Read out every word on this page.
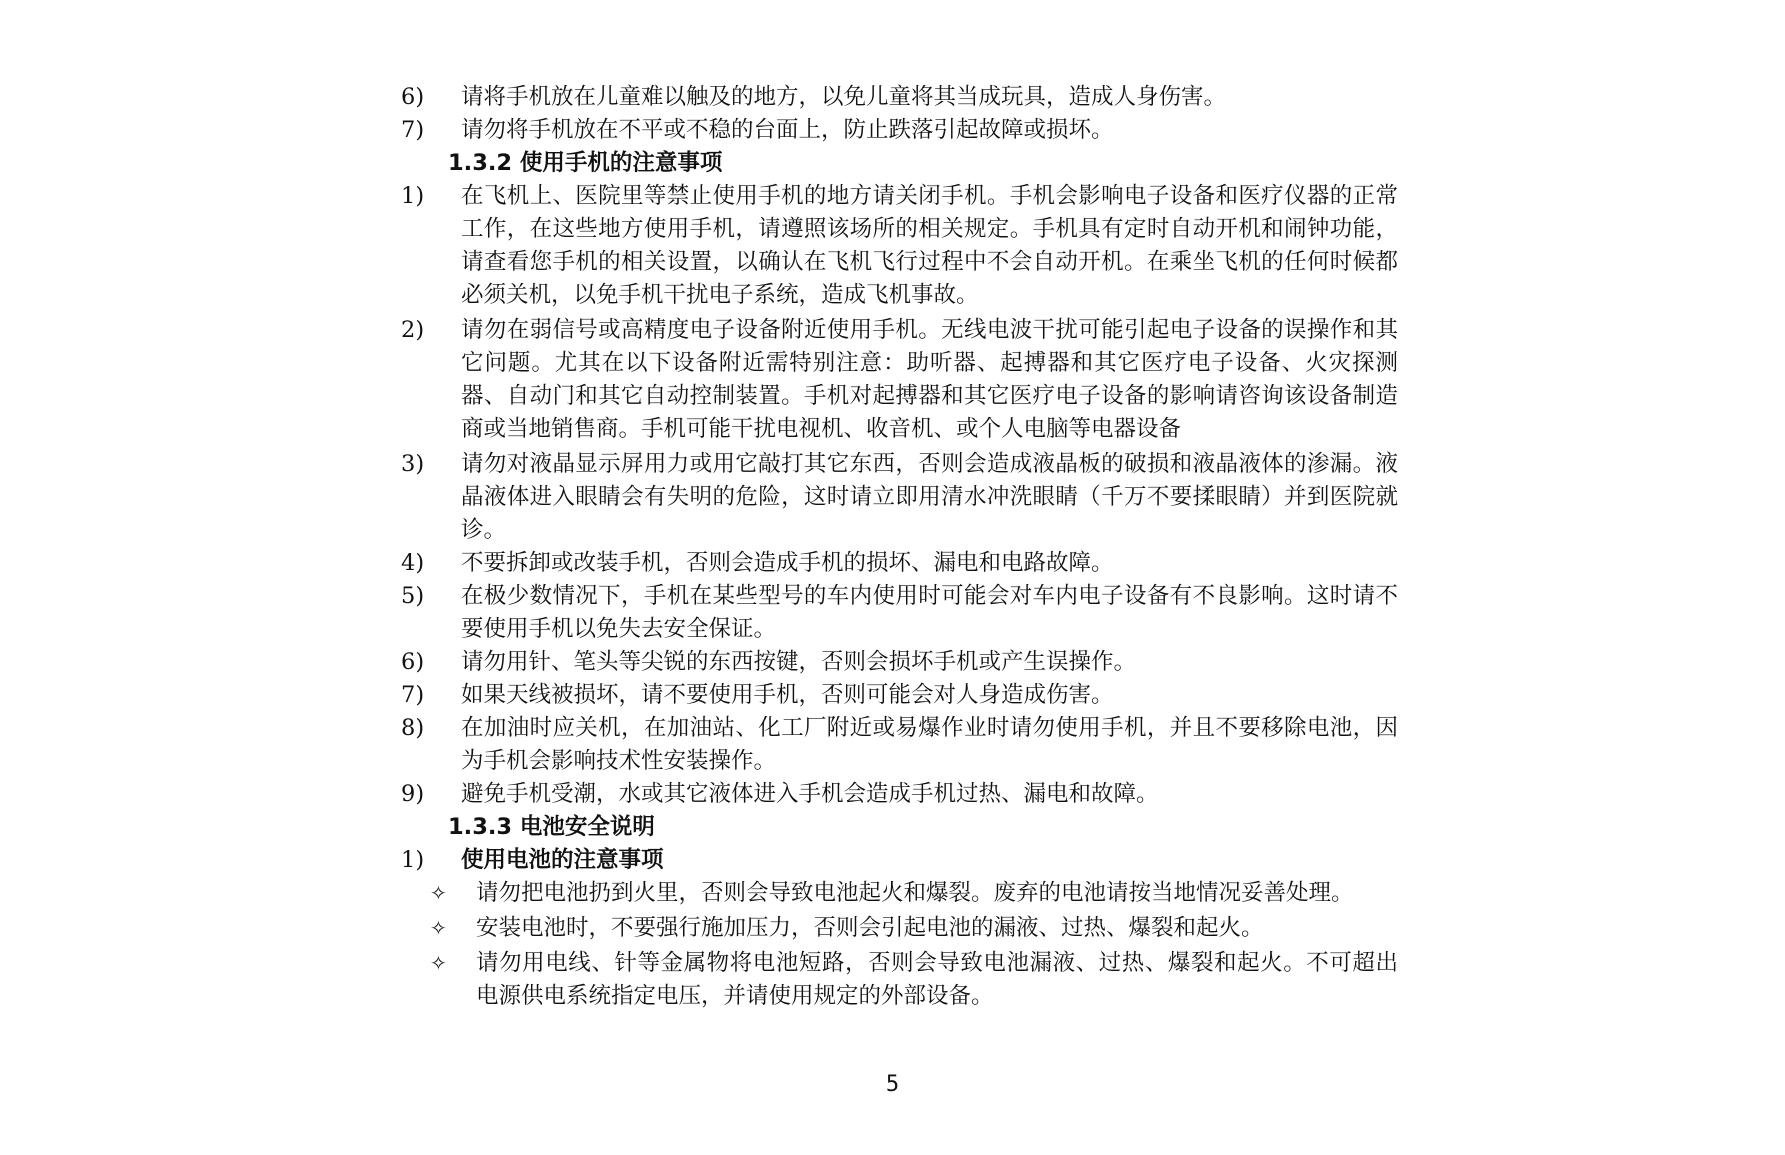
6)	请将手机放在儿童难以触及的地方，以免儿童将其当成玩具，造成人身伤害。
7)	请勿将手机放在不平或不稳的台面上，防止跌落引起故障或损坏。
1.3.2 使用手机的注意事项
1)	在飞机上、医院里等禁止使用手机的地方请关闭手机。手机会影响电子设备和医疗仪器的正常工作，在这些地方使用手机，请遵照该场所的相关规定。手机具有定时自动开机和闹钟功能，请查看您手机的相关设置，以确认在飞机飞行过程中不会自动开机。在乘坐飞机的任何时候都必须关机，以免手机干扰电子系统，造成飞机事故。
2)	请勿在弱信号或高精度电子设备附近使用手机。无线电波干扰可能引起电子设备的误操作和其它问题。尤其在以下设备附近需特别注意：助听器、起搏器和其它医疗电子设备、火灾探测器、自动门和其它自动控制装置。手机对起搏器和其它医疗电子设备的影响请咨询该设备制造商或当地销售商。手机可能干扰电视机、收音机、或个人电脑等电器设备
3)	请勿对液晶显示屏用力或用它敲打其它东西，否则会造成液晶板的破损和液晶液体的渗漏。液晶液体进入眼睛会有失明的危险，这时请立即用清水冲洗眼睛（千万不要揉眼睛）并到医院就诊。
4)	不要拆卸或改装手机，否则会造成手机的损坏、漏电和电路故障。
5)	在极少数情况下，手机在某些型号的车内使用时可能会对车内电子设备有不良影响。这时请不要使用手机以免失去安全保证。
6)	请勿用针、笔头等尖锐的东西按键，否则会损坏手机或产生误操作。
7)	如果天线被损坏，请不要使用手机，否则可能会对人身造成伤害。
8)	在加油时应关机，在加油站、化工厂附近或易爆作业时请勿使用手机，并且不要移除电池，因为手机会影响技术性安装操作。
9)	避免手机受潮，水或其它液体进入手机会造成手机过热、漏电和故障。
1.3.3 电池安全说明
1)	使用电池的注意事项
✧	请勿把电池扔到火里，否则会导致电池起火和爆裂。废弃的电池请按当地情况妥善处理。
✧	安装电池时，不要强行施加压力，否则会引起电池的漏液、过热、爆裂和起火。
✧	请勿用电线、针等金属物将电池短路，否则会导致电池漏液、过热、爆裂和起火。不可超出电源供电系统指定电压，并请使用规定的外部设备。
5
